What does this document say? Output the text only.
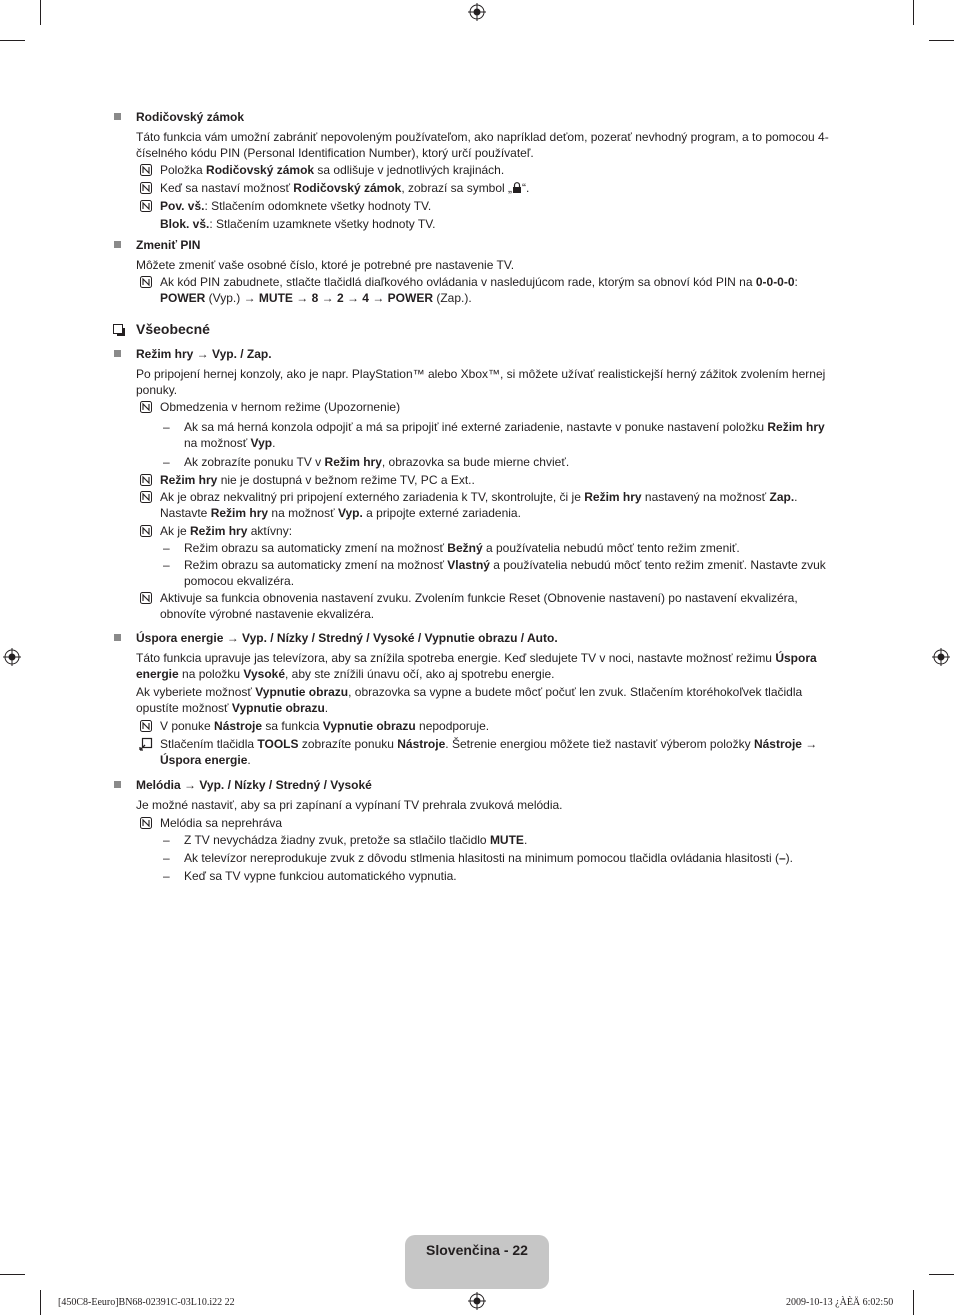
Rodičovský zámok

Táto funkcia vám umožní zabrániť nepovoleným používateľom, ako napríklad deťom, pozerať nevhodný program, a to pomocou 4-číselného kódu PIN (Personal Identification Number), ktorý určí používateľ.

Položka Rodičovský zámok sa odlišuje v jednotlivých krajinách.

Keď sa nastaví možnosť Rodičovský zámok, zobrazí sa symbol „ “.

Pov. vš.: Stlačením odomknete všetky hodnoty TV.

Blok. vš.: Stlačením uzamknete všetky hodnoty TV.

Zmeniť PIN

Môžete zmeniť vaše osobné číslo, ktoré je potrebné pre nastavenie TV.

Ak kód PIN zabudnete, stlačte tlačidlá diaľkového ovládania v nasledujúcom rade, ktorým sa obnoví kód PIN na 0-0-0-0:
POWER (Vyp.) → MUTE → 8 → 2 → 4 → POWER (Zap.).

Všeobecné

Režim hry → Vyp. / Zap.

Po pripojení hernej konzoly, ako je napr. PlayStation™ alebo Xbox™, si môžete užívať realistickejší herný zážitok zvolením hernej ponuky.

Obmedzenia v hernom režime (Upozornenie)

– Ak sa má herná konzola odpojiť a má sa pripojiť iné externé zariadenie, nastavte v ponuke nastavení položku Režim hry na možnosť Vyp.

– Ak zobrazíte ponuku TV v Režim hry, obrazovka sa bude mierne chvieť.

Režim hry nie je dostupná v bežnom režime TV, PC a Ext..

Ak je obraz nekvalitný pri pripojení externého zariadenia k TV, skontrolujte, či je Režim hry nastavený na možnosť Zap.. Nastavte Režim hry na možnosť Vyp. a pripojte externé zariadenia.

Ak je Režim hry aktívny:

– Režim obrazu sa automaticky zmení na možnosť Bežný a používatelia nebudú môcť tento režim zmeniť.

– Režim obrazu sa automaticky zmení na možnosť Vlastný a používatelia nebudú môcť tento režim zmeniť. Nastavte zvuk pomocou ekvalizéra.

Aktivuje sa funkcia obnovenia nastavení zvuku. Zvolením funkcie Reset (Obnovenie nastavení) po nastavení ekvalizéra, obnovíte výrobné nastavenie ekvalizéra.

Úspora energie → Vyp. / Nízky / Stredný / Vysoké / Vypnutie obrazu / Auto.

Táto funkcia upravuje jas televízora, aby sa znížila spotreba energie. Keď sledujete TV v noci, nastavte možnosť režimu Úspora energie na položku Vysoké, aby ste znížili únavu očí, ako aj spotrebu energie.

Ak vyberiete možnosť Vypnutie obrazu, obrazovka sa vypne a budete môcť počuť len zvuk. Stlačením ktoréhokoľvek tlačidla opustíte možnosť Vypnutie obrazu.

V ponuke Nástroje sa funkcia Vypnutie obrazu nepodporuje.

Stlačením tlačidla TOOLS zobrazíte ponuku Nástroje. Šetrenie energiou môžete tiež nastaviť výberom položky Nástroje → Úspora energie.

Melódia → Vyp. / Nízky / Stredný / Vysoké

Je možné nastaviť, aby sa pri zapínaní a vypínaní TV prehrala zvuková melódia.

Melódia sa neprehráva

– Z TV nevychádza žiadny zvuk, pretože sa stlačilo tlačidlo MUTE.

– Ak televízor nereprodukuje zvuk z dôvodu stlmenia hlasitosti na minimum pomocou tlačidla ovládania hlasitosti (–).

– Keď sa TV vypne funkciou automatického vypnutia.

Slovenčina - 22
[450C8-Eeuro]BN68-02391C-03L10.i22 22	2009-10-13 ¿ÀÈÄ 6:02:50
